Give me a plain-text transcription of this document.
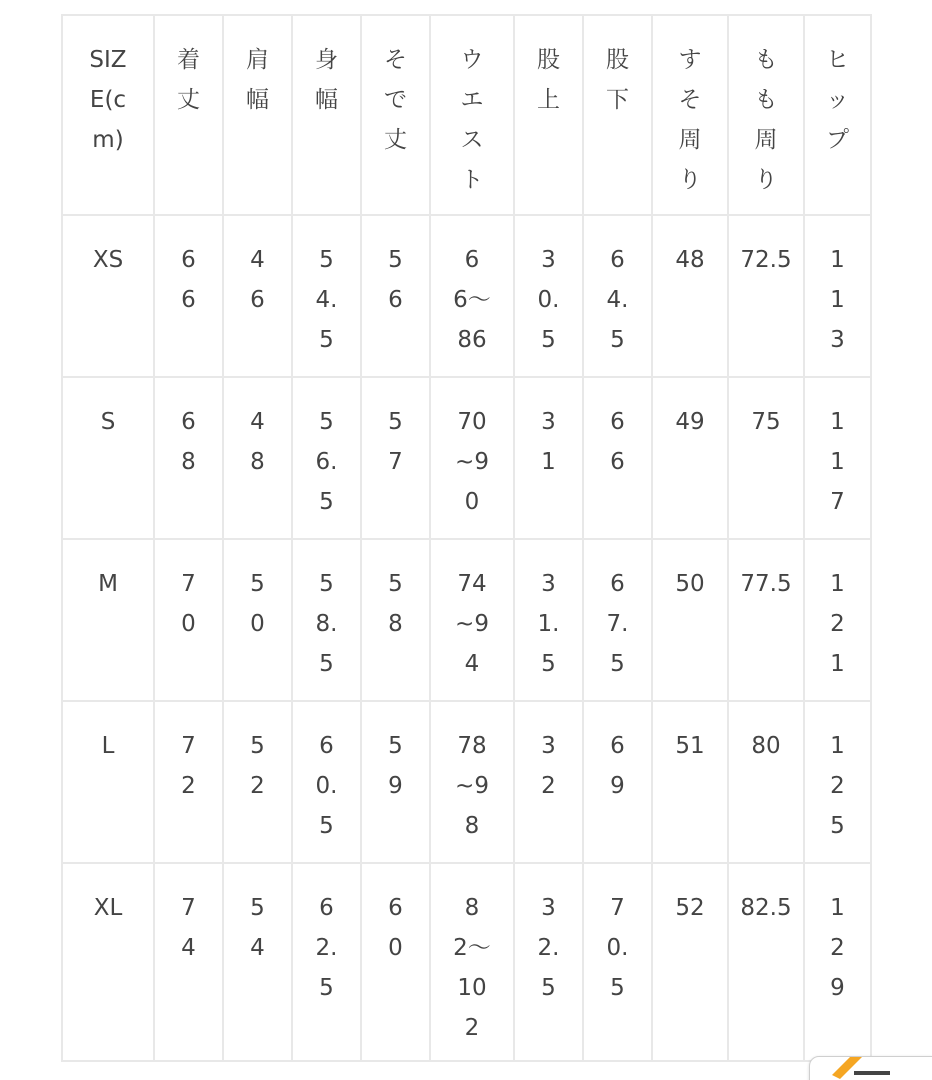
SIZE(cm)	着丈	肩幅	身幅	そで丈	ウエスト	股上	股下	すそ周り	もも周り	ヒップ

XS	66	46	54.5	56	66〜86	30.5	64.5	48	72.5	113

S	68	48	56.5	57	70~90	31	66	49	75	117

M	70	50	58.5	58	74~94	31.5	67.5	50	77.5	121

L	72	52	60.5	59	78~98	32	69	51	80	125

XL	74	54	62.5	60	82〜102	32.5	70.5	52	82.5	129
